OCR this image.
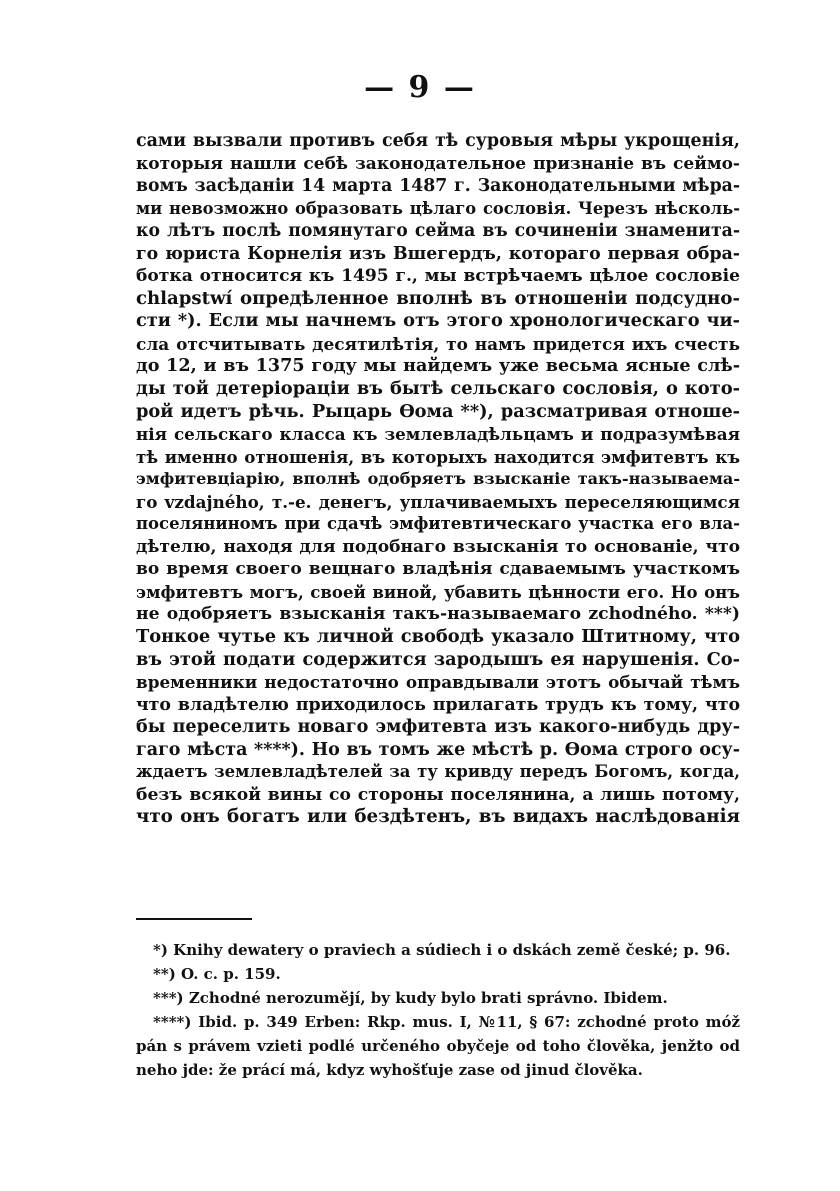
— 9 —
сами вызвали противъ себя тѣ суровыя мѣры укрощенія,
которыя нашли себѣ законодательное признаніе въ сеймо-
вомъ засѣданіи 14 марта 1487 г. Законодательными мѣра-
ми невозможно образовать цѣлаго сословія. Черезъ нѣсколь-
ко лѣтъ послѣ помянутаго сейма въ сочиненіи знаменита-
го юриста Корнелія изъ Вшегердъ, котораго первая обра-
ботка относится къ 1495 г., мы встрѣчаемъ цѣлое сословіе
chlapstwí опредѣленное вполнѣ въ отношеніи подсудно-
сти *). Если мы начнемъ отъ этого хронологическаго чи-
сла отсчитывать десятилѣтія, то намъ придется ихъ счесть
до 12, и въ 1375 году мы найдемъ уже весьма ясные слѣ-
ды той детеріораціи въ бытѣ сельскаго сословія, о кото-
рой идетъ рѣчь. Рыцарь Ѳома **), разсматривая отноше-
нія сельскаго класса къ землевладѣльцамъ и подразумѣвая
тѣ именно отношенія, въ которыхъ находится эмфитевтъ къ
эмфитевціарію, вполнѣ одобряетъ взысканіе такъ-называема-
го vzdajného, т.-е. денегъ, уплачиваемыхъ переселяющимся
поселяниномъ при сдачѣ эмфитевтическаго участка его вла-
дѣтелю, находя для подобнаго взысканія то основаніе, что
во время своего вещнаго владѣнія сдаваемымъ участкомъ
эмфитевтъ могъ, своей виной, убавить цѣнности его. Но онъ
не одобряетъ взысканія такъ-называемаго zchodného. ***)
Тонкое чутье къ личной свободѣ указало Штитному, что
въ этой подати содержится зародышъ ея нарушенія. Со-
временники недостаточно оправдывали этотъ обычай тѣмъ
что владѣтелю приходилось прилагать трудъ къ тому, что
бы переселить новаго эмфитевта изъ какого-нибудь дру-
гаго мѣста ****). Но въ томъ же мѣстѣ р. Ѳома строго осу-
ждаетъ землевладѣтелей за ту кривду передъ Богомъ, когда,
безъ всякой вины со стороны поселянина, а лишь потому,
что онъ богатъ или бездѣтенъ, въ видахъ наслѣдованія
*) Knihy dewatery o praviech a súdiech i o dskách země české; p. 96.
**) O. c. p. 159.
***) Zchodné nerozumějí, by kudy bylo brati správno. Ibidem.
****) Ibid. p. 349 Erben: Rkp. mus. I, №11, § 67: zchodné proto móž
pán s právem vzieti podlé určeného obyčeje od toho člověka, jenžto od
neho jde: že prácí má, kdyz wyhošťuje zase od jinud člověka.
